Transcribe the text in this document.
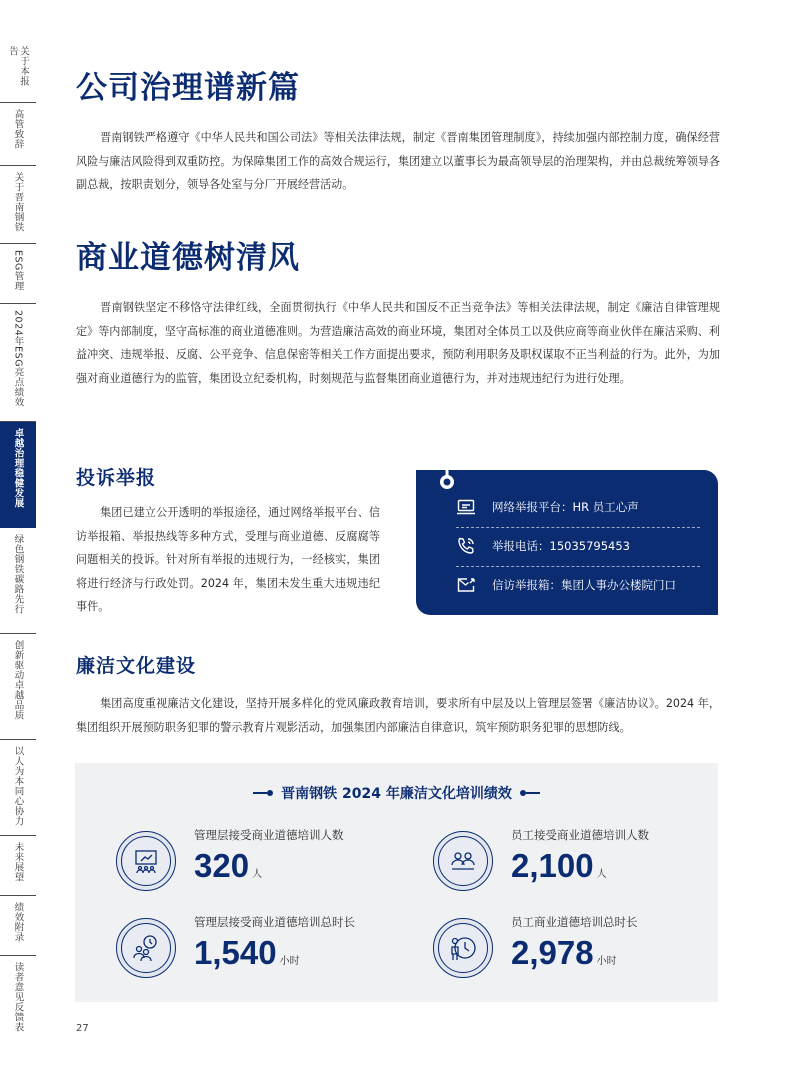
关于本报告
高管致辞
关于晋南钢铁
ESG管理
2024年ESG亮点绩效
卓越治理稳健发展
绿色钢铁碳路先行
创新驱动卓越品质
以人为本同心协力
未来展望
绩效附录
读者意见反馈表
公司治理谱新篇
晋南钢铁严格遵守《中华人民共和国公司法》等相关法律法规，制定《晋南集团管理制度》，持续加强内部控制力度，确保经营风险与廉洁风险得到双重防控。为保障集团工作的高效合规运行，集团建立以董事长为最高领导层的治理架构，并由总裁统筹领导各副总裁，按职责划分，领导各处室与分厂开展经营活动。
商业道德树清风
晋南钢铁坚定不移恪守法律红线，全面贯彻执行《中华人民共和国反不正当竞争法》等相关法律法规，制定《廉洁自律管理规定》等内部制度，坚守高标准的商业道德准则。为营造廉洁高效的商业环境，集团对全体员工以及供应商等商业伙伴在廉洁采购、利益冲突、违规举报、反腐、公平竞争、信息保密等相关工作方面提出要求，预防利用职务及职权谋取不正当利益的行为。此外，为加强对商业道德行为的监管，集团设立纪委机构，时刻规范与监督集团商业道德行为，并对违规违纪行为进行处理。
投诉举报
集团已建立公开透明的举报途径，通过网络举报平台、信访举报箱、举报热线等多种方式，受理与商业道德、反腐腐等问题相关的投诉。针对所有举报的违规行为，一经核实，集团将进行经济与行政处罚。2024 年，集团未发生重大违规违纪事件。
网络举报平台：HR 员工心声
举报电话：15035795453
信访举报箱：集团人事办公楼院门口
廉洁文化建设
集团高度重视廉洁文化建设，坚持开展多样化的党风廉政教育培训，要求所有中层及以上管理层签署《廉洁协议》。2024 年，集团组织开展预防职务犯罪的警示教育片观影活动，加强集团内部廉洁自律意识，筑牢预防职务犯罪的思想防线。
晋南钢铁 2024 年廉洁文化培训绩效
管理层接受商业道德培训人数
320 人
员工接受商业道德培训人数
2,100 人
管理层接受商业道德培训总时长
1,540 小时
员工商业道德培训总时长
2,978 小时
27
